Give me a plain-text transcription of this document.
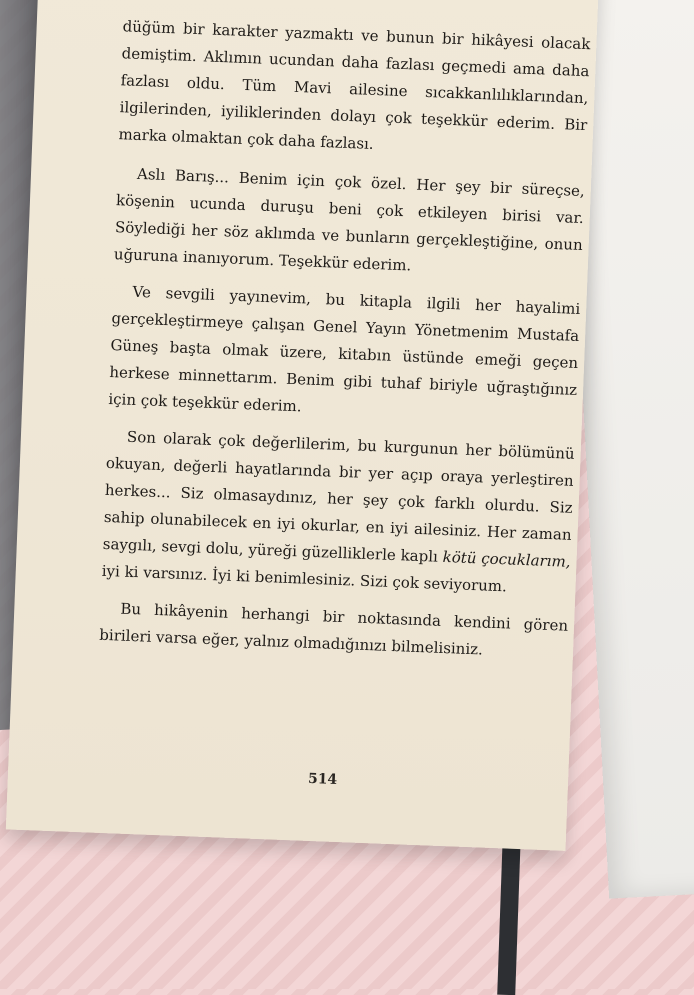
düğüm bir karakter yazmaktı ve bunun bir hikâyesi olacak demiştim. Aklımın ucundan daha fazlası geçmedi ama daha fazlası oldu. Tüm Mavi ailesine sıcakkanlılıklarından, ilgilerinden, iyiliklerinden dolayı çok teşekkür ederim. Bir marka olmaktan çok daha fazlası.

Aslı Barış... Benim için çok özel. Her şey bir süreçse, köşenin ucunda duruşu beni çok etkileyen birisi var. Söylediği her söz aklımda ve bunların gerçekleştiğine, onun uğuruna inanıyorum. Teşekkür ederim.

Ve sevgili yayınevim, bu kitapla ilgili her hayalimi gerçekleştirmeye çalışan Genel Yayın Yönetmenim Mustafa Güneş başta olmak üzere, kitabın üstünde emeği geçen herkese minnettarım. Benim gibi tuhaf biriyle uğraştığınız için çok teşekkür ederim.

Son olarak çok değerlilerim, bu kurgunun her bölümünü okuyan, değerli hayatlarında bir yer açıp oraya yerleştiren herkes... Siz olmasaydınız, her şey çok farklı olurdu. Siz sahip olunabilecek en iyi okurlar, en iyi ailesiniz. Her zaman saygılı, sevgi dolu, yüreği güzelliklerle kaplı kötü çocuklarım, iyi ki varsınız. İyi ki benimlesiniz. Sizi çok seviyorum.

Bu hikâyenin herhangi bir noktasında kendini gören birileri varsa eğer, yalnız olmadığınızı bilmelisiniz.

514
